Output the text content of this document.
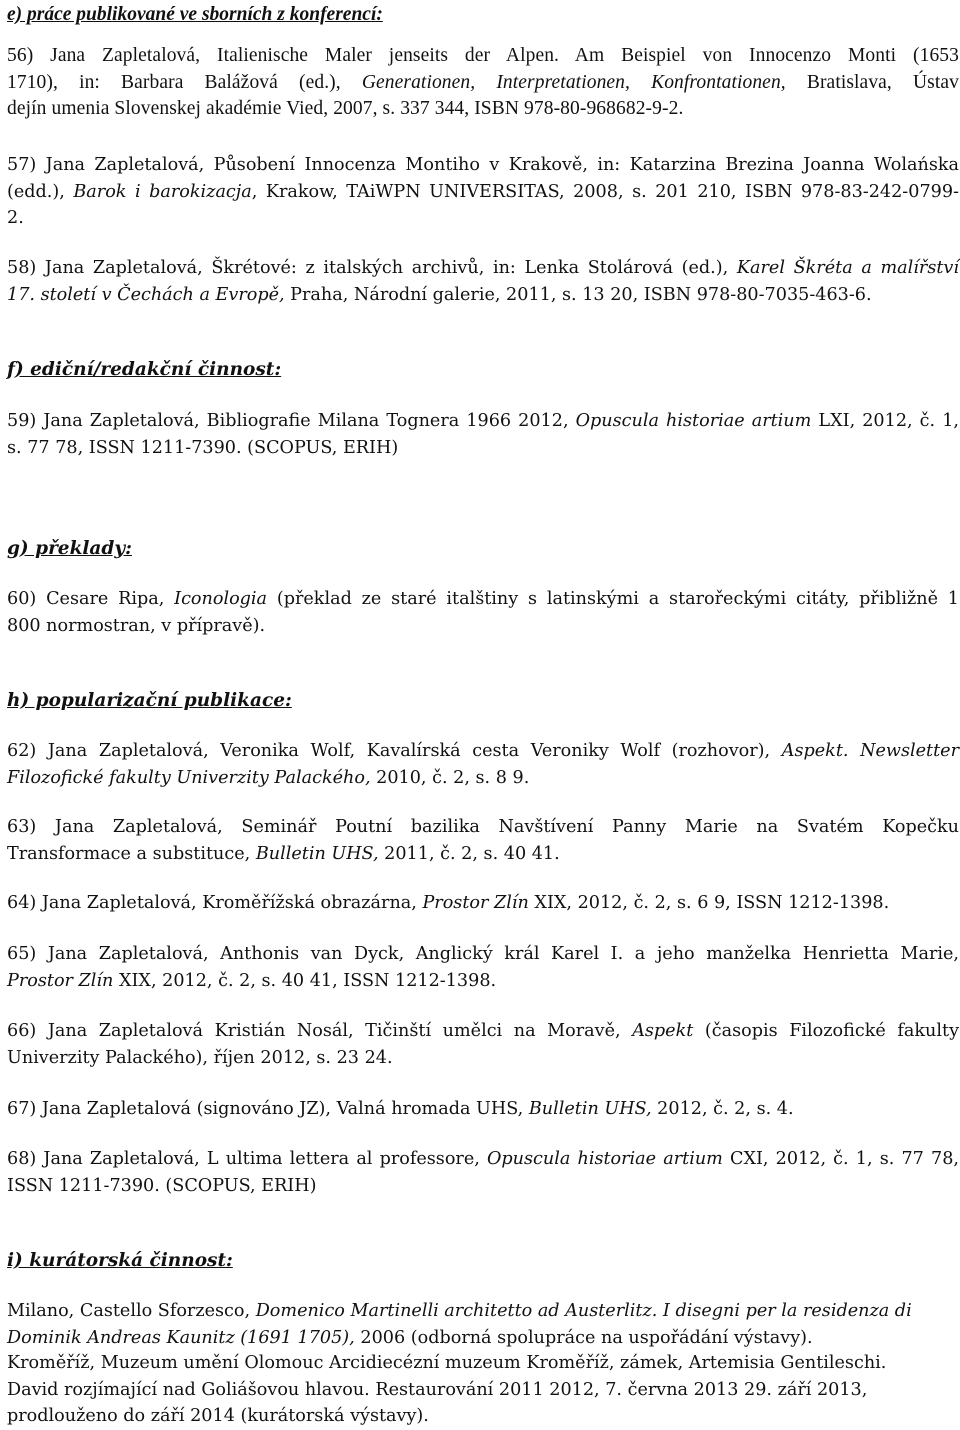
e) práce publikované ve sborních z konferencí:
56) Jana Zapletalová, Italienische Maler jenseits der Alpen. Am Beispiel von Innocenzo Monti (1653
1710), in: Barbara Balážová (ed.), Generationen, Interpretationen, Konfrontationen, Bratislava, Ústav
dejín umenia Slovenskej akadémie Vied, 2007, s. 337 344, ISBN 978-80-968682-9-2.
57) Jana Zapletalová, Působení Innocenza Montiho v Krakově, in: Katarzina Brezina Joanna Wolańska
(edd.), Barok i barokizacja, Krakow, TAiWPN UNIVERSITAS, 2008, s. 201 210, ISBN 978-83-242-0799-
2.
58) Jana Zapletalová, Škrétové: z italských archivů, in: Lenka Stolárová (ed.), Karel Škréta a malířství
17. století v Čechách a Evropě, Praha, Národní galerie, 2011, s. 13 20, ISBN 978-80-7035-463-6.
f) ediční/redakční činnost:
59) Jana Zapletalová, Bibliografie Milana Tognera 1966 2012, Opuscula historiae artium LXI, 2012, č. 1,
s. 77 78, ISSN 1211-7390. (SCOPUS, ERIH)
g) překlady:
60) Cesare Ripa, Iconologia (překlad ze staré italštiny s latinskými a starořeckými citáty, přibližně 1
800 normostran, v přípravě).
h) popularizační publikace:
62) Jana Zapletalová, Veronika Wolf, Kavalírská cesta Veroniky Wolf (rozhovor), Aspekt. Newsletter
Filozofické fakulty Univerzity Palackého, 2010, č. 2, s. 8 9.
63) Jana Zapletalová, Seminář Poutní bazilika Navštívení Panny Marie na Svatém Kopečku
Transformace a substituce, Bulletin UHS, 2011, č. 2, s. 40 41.
64) Jana Zapletalová, Kroměřížská obrazárna, Prostor Zlín XIX, 2012, č. 2, s. 6 9, ISSN 1212-1398.
65) Jana Zapletalová, Anthonis van Dyck, Anglický král Karel I. a jeho manželka Henrietta Marie,
Prostor Zlín XIX, 2012, č. 2, s. 40 41, ISSN 1212-1398.
66) Jana Zapletalová Kristián Nosál, Tičinští umělci na Moravě, Aspekt (časopis Filozofické fakulty
Univerzity Palackého), říjen 2012, s. 23 24.
67) Jana Zapletalová (signováno JZ), Valná hromada UHS, Bulletin UHS, 2012, č. 2, s. 4.
68) Jana Zapletalová, L ultima lettera al professore, Opuscula historiae artium CXI, 2012, č. 1, s. 77 78,
ISSN 1211-7390. (SCOPUS, ERIH)
i) kurátorská činnost:
Milano, Castello Sforzesco, Domenico Martinelli architetto ad Austerlitz. I disegni per la residenza di
Dominik Andreas Kaunitz (1691 1705), 2006 (odborná spolupráce na uspořádání výstavy).
Kroměříž, Muzeum umění Olomouc Arcidiecézní muzeum Kroměříž, zámek, Artemisia Gentileschi.
David rozjímající nad Goliášovou hlavou. Restaurování 2011 2012, 7. června 2013 29. září 2013,
prodlouženo do září 2014 (kurátorská výstavy).
